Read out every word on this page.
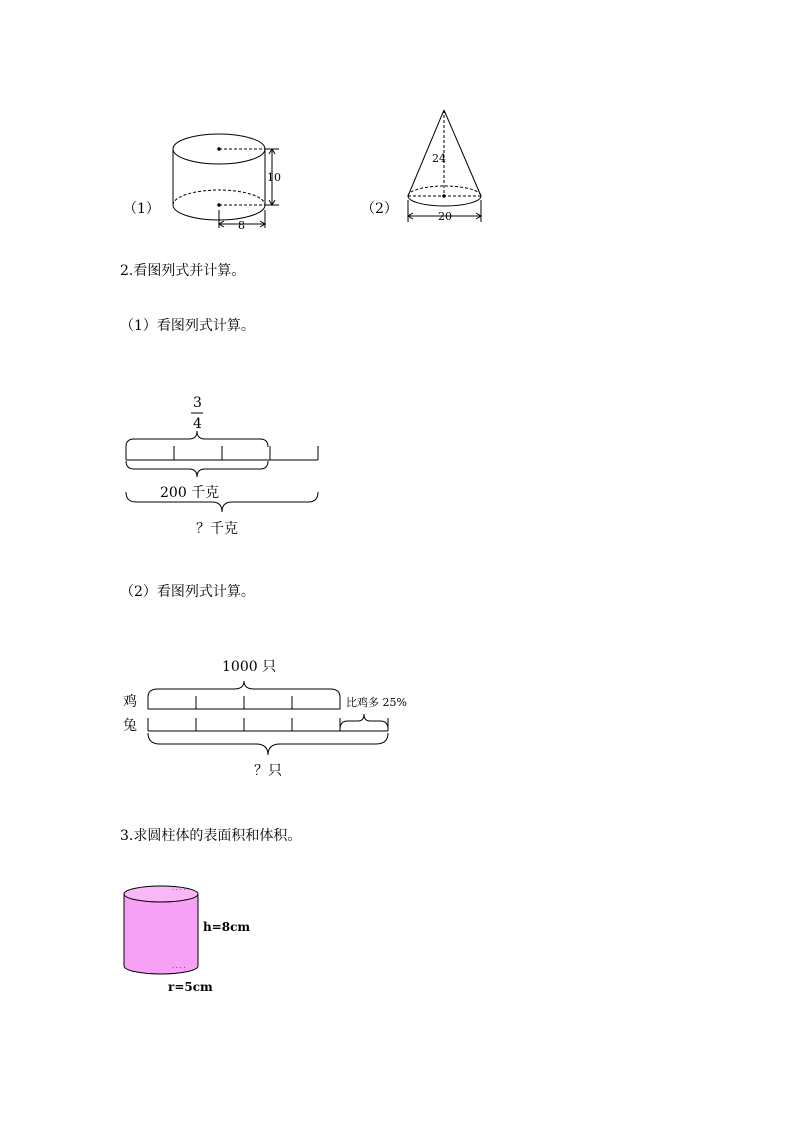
· · · ·
· · · ·
（1）
10
8
（2）
24
20
2.看图列式并计算。
（1）看图列式计算。
3
4
200 千克
？千克
（2）看图列式计算。
1000 只
鸡
兔
比鸡多 25%
？只
3.求圆柱体的表面积和体积。
h=8cm
r=5cm
